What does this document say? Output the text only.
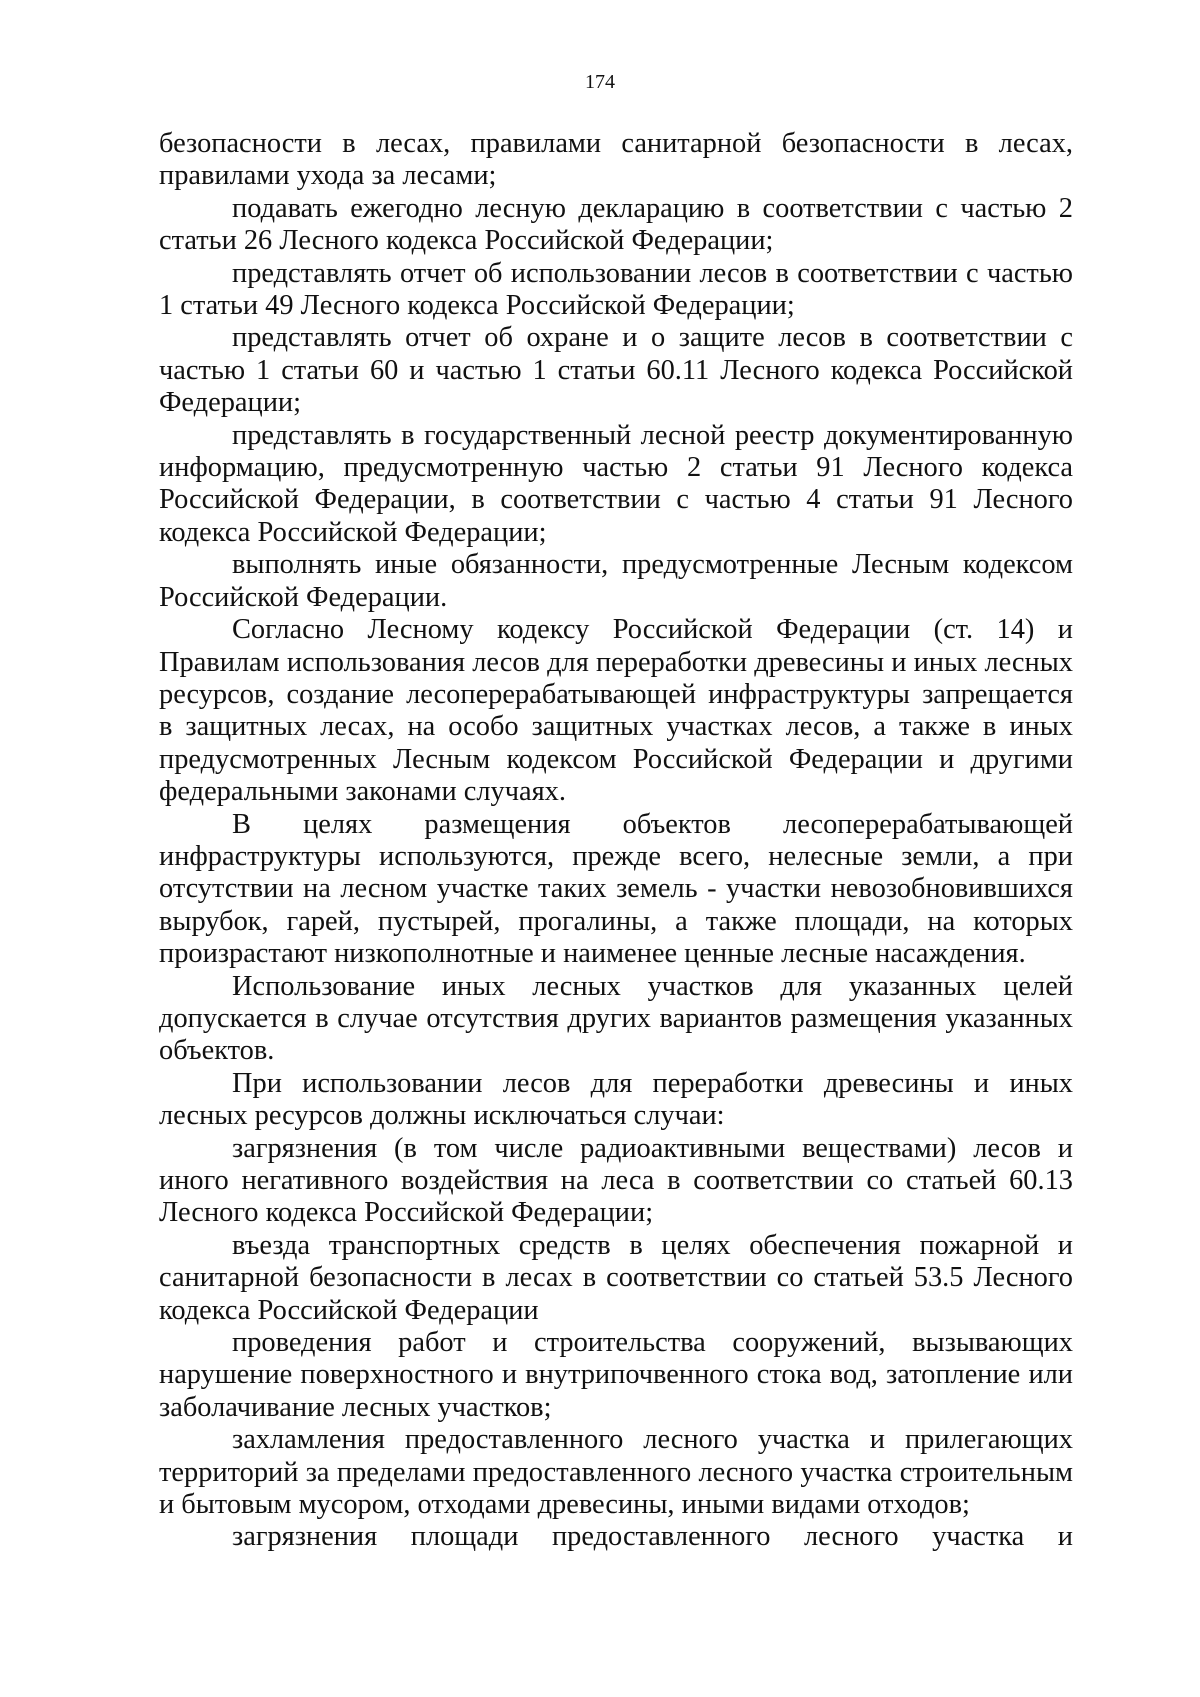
174

безопасности в лесах, правилами санитарной безопасности в лесах, правилами ухода за лесами;

подавать ежегодно лесную декларацию в соответствии с частью 2 статьи 26 Лесного кодекса Российской Федерации;

представлять отчет об использовании лесов в соответствии с частью 1 статьи 49 Лесного кодекса Российской Федерации;

представлять отчет об охране и о защите лесов в соответствии с частью 1 статьи 60 и частью 1 статьи 60.11 Лесного кодекса Российской Федерации;

представлять в государственный лесной реестр документированную информацию, предусмотренную частью 2 статьи 91 Лесного кодекса Российской Федерации, в соответствии с частью 4 статьи 91 Лесного кодекса Российской Федерации;

выполнять иные обязанности, предусмотренные Лесным кодексом Российской Федерации.

Согласно Лесному кодексу Российской Федерации (ст. 14) и Правилам использования лесов для переработки древесины и иных лесных ресурсов, создание лесоперерабатывающей инфраструктуры запрещается в защитных лесах, на особо защитных участках лесов, а также в иных предусмотренных Лесным кодексом Российской Федерации и другими федеральными законами случаях.

В целях размещения объектов лесоперерабатывающей инфраструктуры используются, прежде всего, нелесные земли, а при отсутствии на лесном участке таких земель - участки невозобновившихся вырубок, гарей, пустырей, прогалины, а также площади, на которых произрастают низкополнотные и наименее ценные лесные насаждения.

Использование иных лесных участков для указанных целей допускается в случае отсутствия других вариантов размещения указанных объектов.

При использовании лесов для переработки древесины и иных лесных ресурсов должны исключаться случаи:

загрязнения (в том числе радиоактивными веществами) лесов и иного негативного воздействия на леса в соответствии со статьей 60.13 Лесного кодекса Российской Федерации;

въезда транспортных средств в целях обеспечения пожарной и санитарной безопасности в лесах в соответствии со статьей 53.5 Лесного кодекса Российской Федерации

проведения работ и строительства сооружений, вызывающих нарушение поверхностного и внутрипочвенного стока вод, затопление или заболачивание лесных участков;

захламления предоставленного лесного участка и прилегающих территорий за пределами предоставленного лесного участка строительным и бытовым мусором, отходами древесины, иными видами отходов;

загрязнения площади предоставленного лесного участка и
